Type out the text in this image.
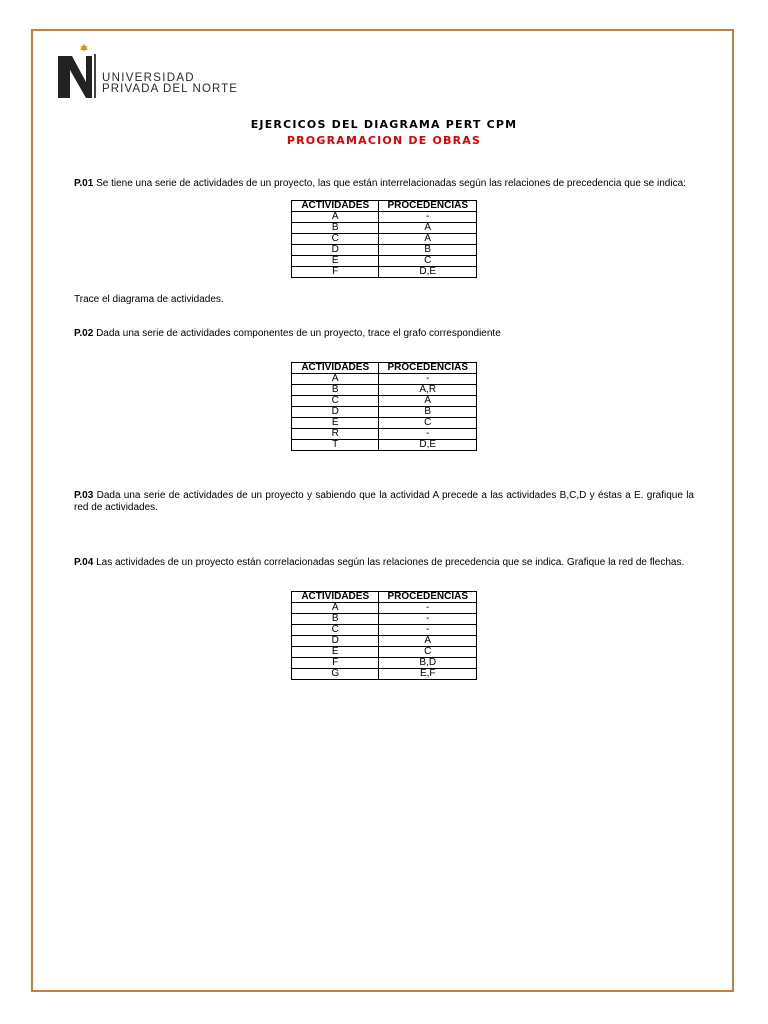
UNIVERSIDAD
PRIVADA DEL NORTE
EJERCICOS DEL DIAGRAMA PERT CPM
PROGRAMACION DE OBRAS
P.01 Se tiene una serie de actividades de un proyecto, las que están interrelacionadas según las relaciones de precedencia que se indica:
ACTIVIDADES	PROCEDENCIAS
A	-
B	A
C	A
D	B
E	C
F	D,E
Trace el diagrama de actividades.
P.02 Dada una serie de actividades componentes de un proyecto, trace el grafo correspondiente
ACTIVIDADES	PROCEDENCIAS
A	-
B	A,R
C	A
D	B
E	C
R	-
T	D,E
P.03 Dada una serie de actividades de un proyecto y sabiendo que la actividad A precede a las actividades B,C,D y éstas a E. grafique la red de actividades.
P.04 Las actividades de un proyecto están correlacionadas según las relaciones de precedencia que se indica. Grafique la red de flechas.
ACTIVIDADES	PROCEDENCIAS
A	-
B	-
C	-
D	A
E	C
F	B,D
G	E,F
